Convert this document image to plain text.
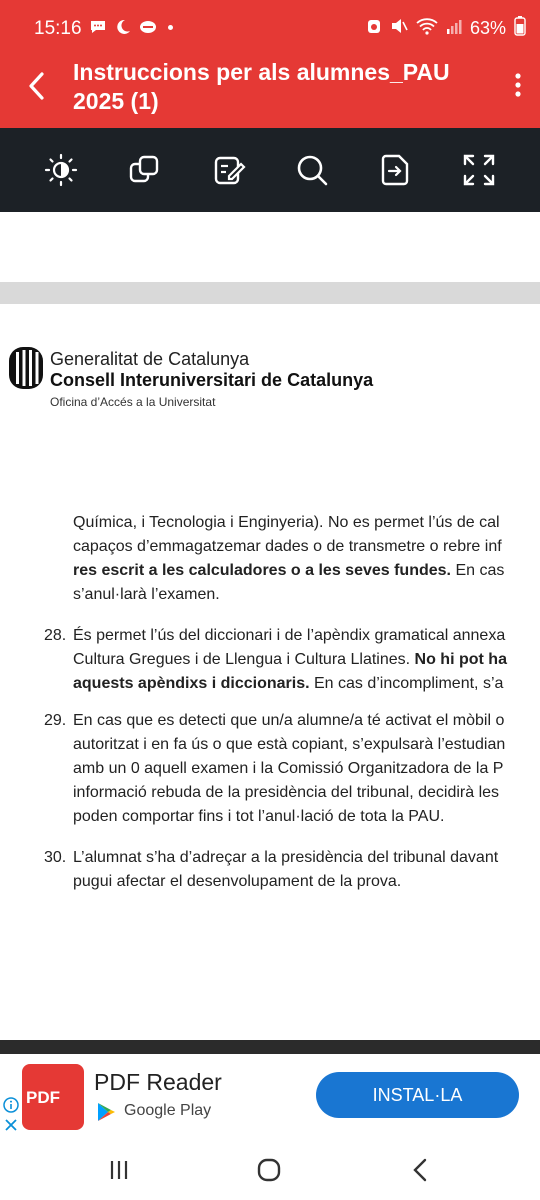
15:16	63%
Instruccions per als alumnes_PAU 2025 (1)
Generalitat de Catalunya
Consell Interuniversitari de Catalunya
Oficina d’Accés a la Universitat
Química, i Tecnologia i Enginyeria). No es permet l’ús de cal
capaços d’emmagatzemar dades o de transmetre o rebre inf
res escrit a les calculadores o a les seves fundes. En cas
s’anul·larà l’examen.
28. És permet l’ús del diccionari i de l’apèndix gramatical annexa
Cultura Gregues i de Llengua i Cultura Llatines. No hi pot ha
aquests apèndixs i diccionaris. En cas d’incompliment, s’a
29. En cas que es detecti que un/a alumne/a té activat el mòbil o
autoritzat i en fa ús o que està copiant, s’expulsarà l’estudian
amb un 0 aquell examen i la Comissió Organitzadora de la P
informació rebuda de la presidència del tribunal, decidirà les
poden comportar fins i tot l’anul·lació de tota la PAU.
30. L’alumnat s’ha d’adreçar a la presidència del tribunal davant
pugui afectar el desenvolupament de la prova.
PDF
PDF Reader
Google Play
INSTAL·LA
